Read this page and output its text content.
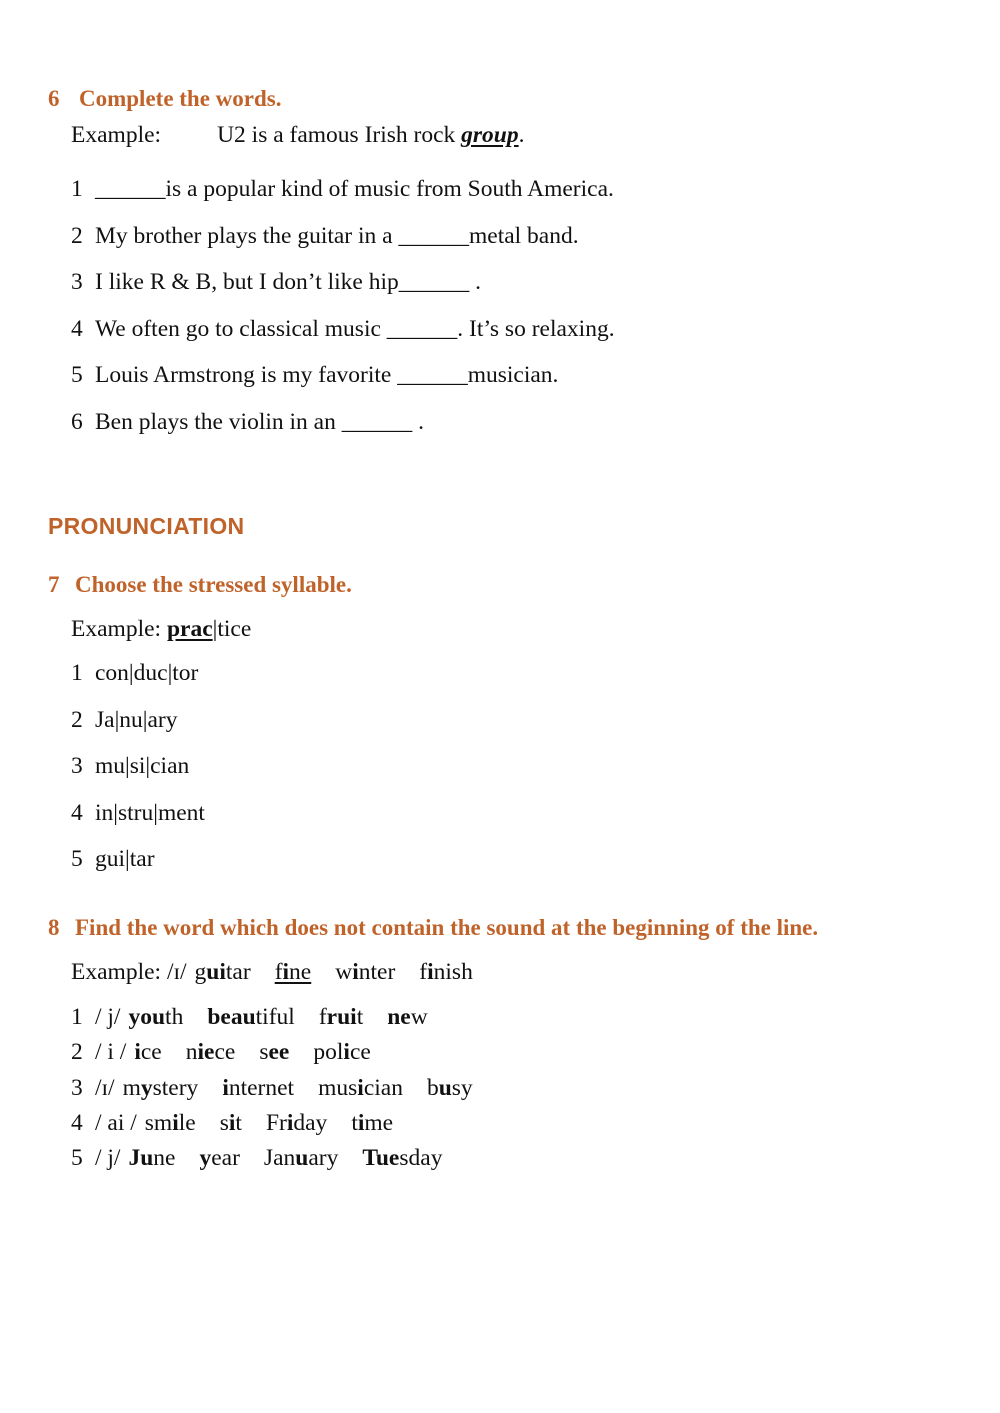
6 Complete the words.
Example: U2 is a famous Irish rock group.
1 ______is a popular kind of music from South America.
2 My brother plays the guitar in a ______metal band.
3 I like R & B, but I don’t like hip______ .
4 We often go to classical music ______. It’s so relaxing.
5 Louis Armstrong is my favorite ______musician.
6 Ben plays the violin in an ______ .
PRONUNCIATION
7 Choose the stressed syllable.
Example: prac|tice
1 con|duc|tor
2 Ja|nu|ary
3 mu|si|cian
4 in|stru|ment
5 gui|tar
8 Find the word which does not contain the sound at the beginning of the line.
Example: /ɪ/ guitar fine winter finish
1 / j/ youth beautiful fruit new
2 / i / ice niece see police
3 /ɪ/ mystery internet musician busy
4 / ai / smile sit Friday time
5 / j/ June year January Tuesday
